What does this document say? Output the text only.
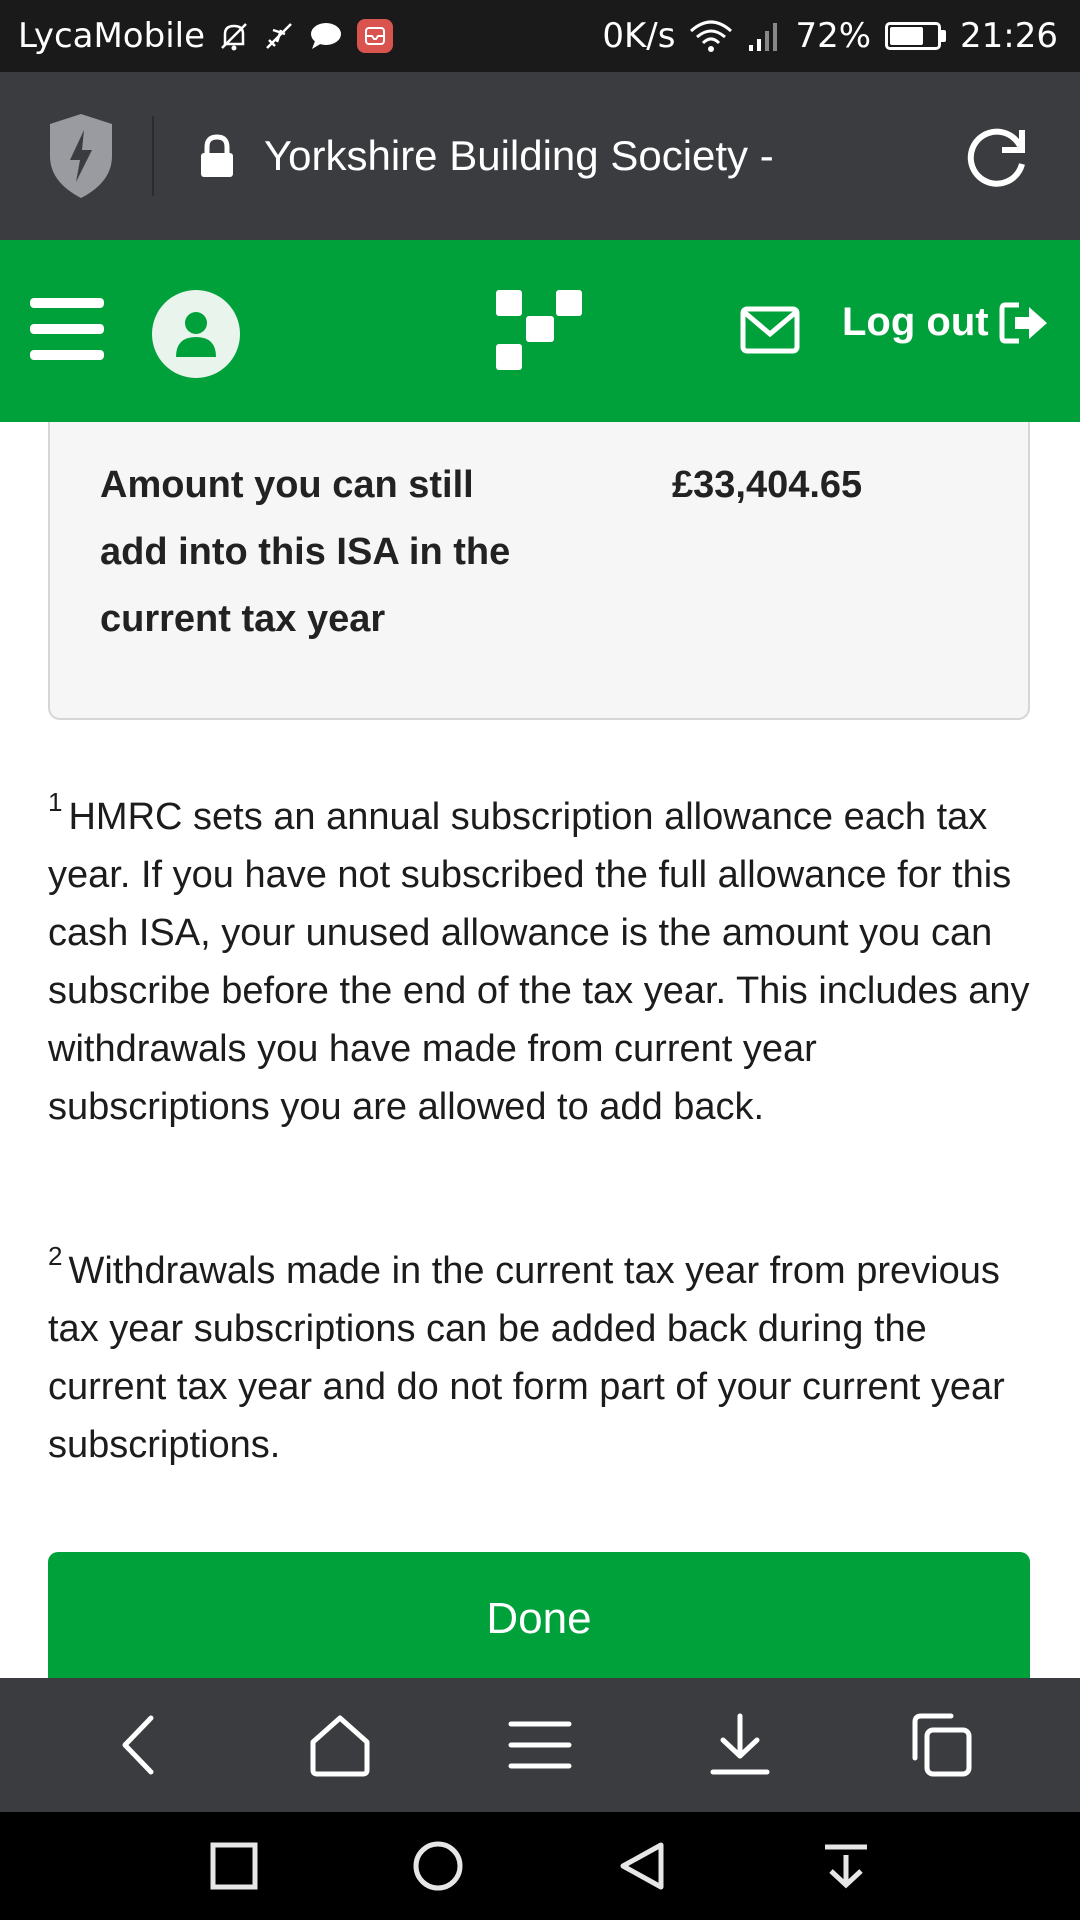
LycaMobile	0K/s	72%	21:26
Yorkshire Building Society -
Log out
Amount you can still add into this ISA in the current tax year
£33,404.65

$^1$ HMRC sets an annual subscription allowance each tax year. If you have not subscribed the full allowance for this cash ISA, your unused allowance is the amount you can subscribe before the end of the tax year. This includes any withdrawals you have made from current year subscriptions you are allowed to add back.

$^2$ Withdrawals made in the current tax year from previous tax year subscriptions can be added back during the current tax year and do not form part of your current year subscriptions.

Done
